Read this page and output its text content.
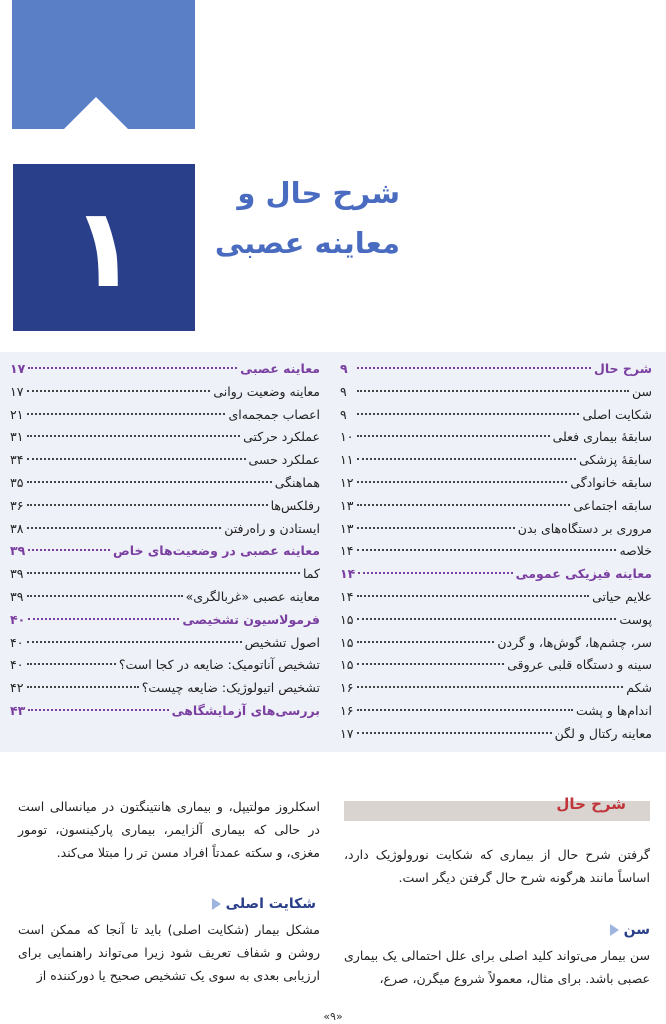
۱	شرح حال و
معاینه عصبی
شرح حال
۹
سن
۹
شکایت اصلی
۹
سابقهٔ بیماری فعلی
۱۰
سابقهٔ پزشکی
۱۱
سابقه خانوادگی
۱۲
سابقه اجتماعی
۱۳
مروری بر دستگاه‌های بدن
۱۳
خلاصه
۱۴
معاینه فیزیکی عمومی
۱۴
علایم حیاتی
۱۴
پوست
۱۵
سر، چشم‌ها، گوش‌ها، و گردن
۱۵
سینه و دستگاه قلبی عروقی
۱۵
شکم
۱۶
اندام‌ها و پشت
۱۶
معاینه رکتال و لگن
۱۷
معاینه عصبی
۱۷
معاینه وضعیت روانی
۱۷
اعصاب جمجمه‌ای
۲۱
عملکرد حرکتی
۳۱
عملکرد حسی
۳۴
هماهنگی
۳۵
رفلکس‌ها
۳۶
ایستادن و راه‌رفتن
۳۸
معاینه عصبی در وضعیت‌های خاص
۳۹
کما
۳۹
معاینه عصبی «غربالگری»
۳۹
فرمولاسیون تشخیصی
۴۰
اصول تشخیص
۴۰
تشخیص آناتومیک: ضایعه در کجا است؟
۴۰
تشخیص اتیولوژیک: ضایعه چیست؟
۴۲
بررسی‌های آزمایشگاهی
۴۳
شرح حال
گرفتن شرح حال از بیماری که شکایت نورولوژیک دارد، اساساً مانند هرگونه شرح حال گرفتن دیگر است.
سن
سن بیمار می‌تواند کلید اصلی برای علل احتمالی یک بیماری عصبی باشد. برای مثال، معمولاً شروع میگرن، صرع،
اسکلروز مولتیپل، و بیماری هانتینگتون در میانسالی است در حالی که بیماری آلزایمر، بیماری پارکینسون، تومور مغزی، و سکته عمدتاً افراد مسن تر را مبتلا می‌کند.
شکایت اصلی
مشکل بیمار (شکایت اصلی) باید تا آنجا که ممکن است روشن و شفاف تعریف شود زیرا می‌تواند راهنمایی برای ارزیابی بعدی به سوی یک تشخیص صحیح یا دورکننده از
«۹»
